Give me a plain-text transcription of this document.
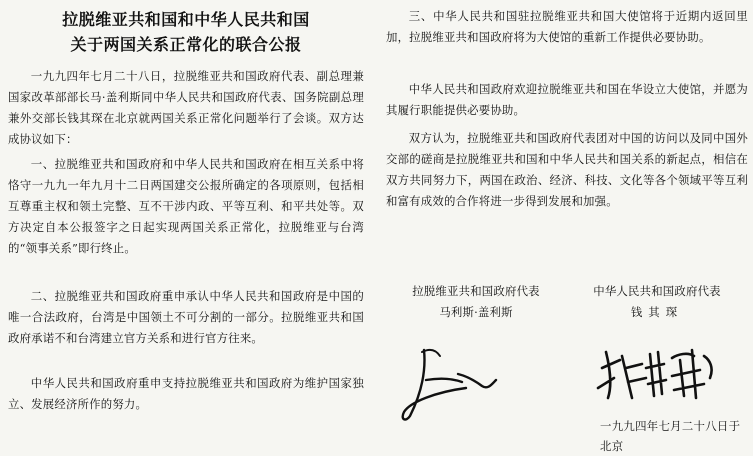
拉脱维亚共和国和中华人民共和国
关于两国关系正常化的联合公报

一九九四年七月二十八日，拉脱维亚共和国政府代表、副总理兼国家改革部部长马·盖利斯同中华人民共和国政府代表、国务院副总理兼外交部长钱其琛在北京就两国关系正常化问题举行了会谈。双方达成协议如下：

一、拉脱维亚共和国政府和中华人民共和国政府在相互关系中将恪守一九九一年九月十二日两国建交公报所确定的各项原则，包括相互尊重主权和领土完整、互不干涉内政、平等互利、和平共处等。双方决定自本公报签字之日起实现两国关系正常化，拉脱维亚与台湾的“领事关系”即行终止。

二、拉脱维亚共和国政府重申承认中华人民共和国政府是中国的唯一合法政府，台湾是中国领土不可分割的一部分。拉脱维亚共和国政府承诺不和台湾建立官方关系和进行官方往来。

中华人民共和国政府重申支持拉脱维亚共和国政府为维护国家独立、发展经济所作的努力。

三、中华人民共和国驻拉脱维亚共和国大使馆将于近期内返回里加，拉脱维亚共和国政府将为大使馆的重新工作提供必要协助。

中华人民共和国政府欢迎拉脱维亚共和国在华设立大使馆，并愿为其履行职能提供必要协助。

双方认为，拉脱维亚共和国政府代表团对中国的访问以及同中国外交部的磋商是拉脱维亚共和国和中华人民共和国关系的新起点，相信在双方共同努力下，两国在政治、经济、科技、文化等各个领域平等互利和富有成效的合作将进一步得到发展和加强。

拉脱维亚共和国政府代表	中华人民共和国政府代表

马利斯·盖利斯	钱其琛

一九九四年七月二十八日于北京
